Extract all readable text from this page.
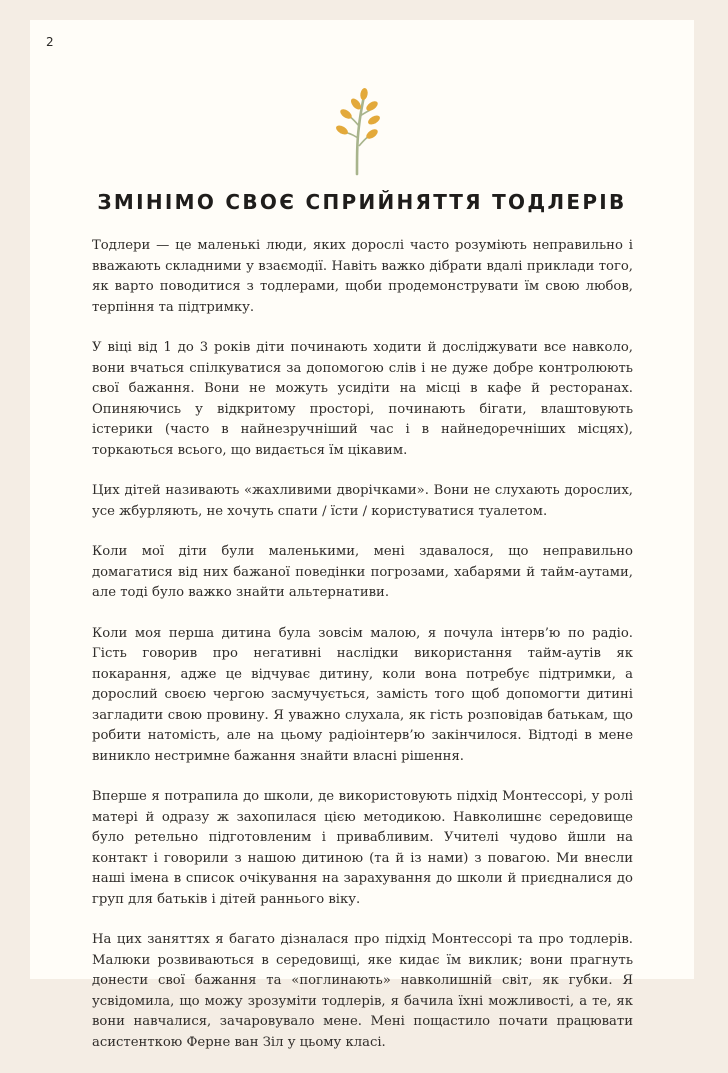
2
ЗМІНІМО СВОЄ СПРИЙНЯТТЯ ТОДЛЕРІВ

Тодлери — це маленькі люди, яких дорослі часто розуміють неправильно і вважають складними у взаємодії. Навіть важко дібрати вдалі приклади того, як варто поводитися з тодлерами, щоби продемонструвати їм свою любов, терпіння та підтримку.

У віці від 1 до 3 років діти починають ходити й досліджувати все навколо, вони вчаться спілкуватися за допомогою слів і не дуже добре контролюють свої бажання. Вони не можуть усидіти на місці в кафе й ресторанах. Опиняючись у відкритому просторі, починають бігати, влаштовують істерики (часто в найнезручніший час і в найнедоречніших місцях), торкаються всього, що видається їм цікавим.

Цих дітей називають «жахливими дворічками». Вони не слухають дорослих, усе жбурляють, не хочуть спати / їсти / користуватися туалетом.

Коли мої діти були маленькими, мені здавалося, що неправильно домагатися від них бажаної поведінки погрозами, хабарями й тайм-аутами, але тоді було важко знайти альтернативи.

Коли моя перша дитина була зовсім малою, я почула інтерв’ю по радіо. Гість говорив про негативні наслідки використання тайм-аутів як покарання, адже це відчуває дитину, коли вона потребує підтримки, а дорослий своєю чергою засмучується, замість того щоб допомогти дитині загладити свою провину. Я уважно слухала, як гість розповідав батькам, що робити натомість, але на цьому радіоінтерв’ю закінчилося. Відтоді в мене виникло нестримне бажання знайти власні рішення.

Вперше я потрапила до школи, де використовують підхід Монтессорі, у ролі матері й одразу ж захопилася цією методикою. Навколишнє середовище було ретельно підготовленим і привабливим. Учителі чудово йшли на контакт і говорили з нашою дитиною (та й із нами) з повагою. Ми внесли наші імена в список очікування на зарахування до школи й приєдналися до груп для батьків і дітей раннього віку.

На цих заняттях я багато дізналася про підхід Монтессорі та про тодлерів. Малюки розвиваються в середовищі, яке кидає їм виклик; вони прагнуть донести свої бажання та «поглинають» навколишній світ, як губки. Я усвідомила, що можу зрозуміти тодлерів, я бачила їхні можливості, а те, як вони навчалися, зачаровувало мене. Мені пощастило почати працювати асистенткою Ферне ван Зіл у цьому класі.
